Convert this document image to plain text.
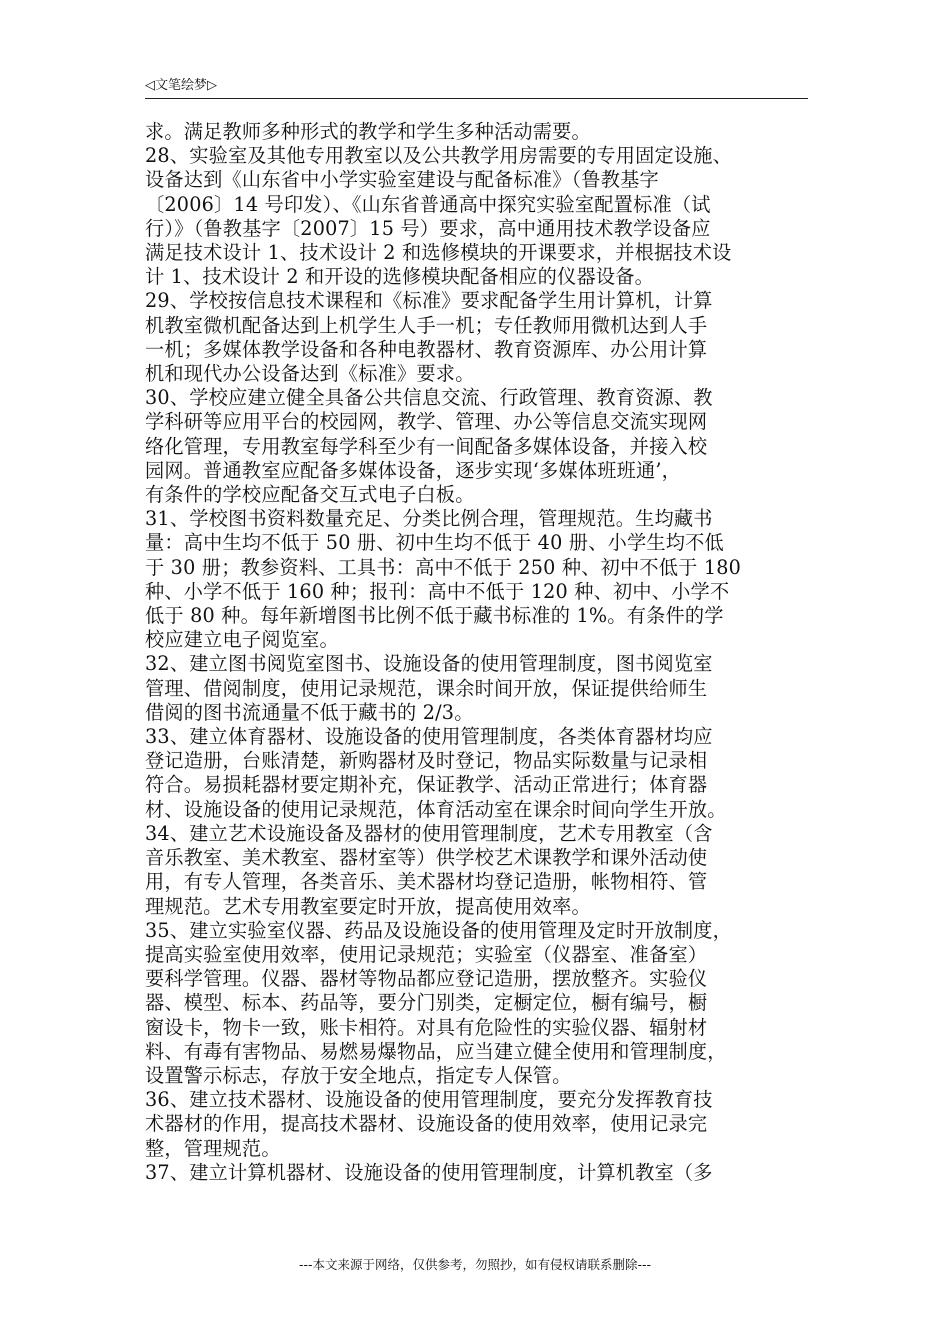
◁文笔绘梦▷

求。满足教师多种形式的教学和学生多种活动需要。

28、实验室及其他专用教室以及公共教学用房需要的专用固定设施、
设备达到《山东省中小学实验室建设与配备标准》（鲁教基字
〔2006〕14 号印发）、《山东省普通高中探究实验室配置标准（试
行）》（鲁教基字〔2007〕15 号）要求，高中通用技术教学设备应
满足技术设计 1、技术设计 2 和选修模块的开课要求，并根据技术设
计 1、技术设计 2 和开设的选修模块配备相应的仪器设备。

29、学校按信息技术课程和《标准》要求配备学生用计算机，计算
机教室微机配备达到上机学生人手一机；专任教师用微机达到人手
一机；多媒体教学设备和各种电教器材、教育资源库、办公用计算
机和现代办公设备达到《标准》要求。

30、学校应建立健全具备公共信息交流、行政管理、教育资源、教
学科研等应用平台的校园网，教学、管理、办公等信息交流实现网
络化管理，专用教室每学科至少有一间配备多媒体设备，并接入校
园网。普通教室应配备多媒体设备，逐步实现‘多媒体班班通’，
有条件的学校应配备交互式电子白板。

31、学校图书资料数量充足、分类比例合理，管理规范。生均藏书
量：高中生均不低于 50 册、初中生均不低于 40 册、小学生均不低
于 30 册；教参资料、工具书：高中不低于 250 种、初中不低于 180
种、小学不低于 160 种；报刊：高中不低于 120 种、初中、小学不
低于 80 种。每年新增图书比例不低于藏书标准的 1%。有条件的学
校应建立电子阅览室。

32、建立图书阅览室图书、设施设备的使用管理制度，图书阅览室
管理、借阅制度，使用记录规范，课余时间开放，保证提供给师生
借阅的图书流通量不低于藏书的 2/3。

33、建立体育器材、设施设备的使用管理制度，各类体育器材均应
登记造册，台账清楚，新购器材及时登记，物品实际数量与记录相
符合。易损耗器材要定期补充，保证教学、活动正常进行；体育器
材、设施设备的使用记录规范，体育活动室在课余时间向学生开放。

34、建立艺术设施设备及器材的使用管理制度，艺术专用教室（含
音乐教室、美术教室、器材室等）供学校艺术课教学和课外活动使
用，有专人管理，各类音乐、美术器材均登记造册，帐物相符、管
理规范。艺术专用教室要定时开放，提高使用效率。

35、建立实验室仪器、药品及设施设备的使用管理及定时开放制度，
提高实验室使用效率，使用记录规范；实验室（仪器室、准备室）
要科学管理。仪器、器材等物品都应登记造册，摆放整齐。实验仪
器、模型、标本、药品等，要分门别类，定橱定位，橱有编号，橱
窗设卡，物卡一致，账卡相符。对具有危险性的实验仪器、辐射材
料、有毒有害物品、易燃易爆物品，应当建立健全使用和管理制度，
设置警示标志，存放于安全地点，指定专人保管。

36、建立技术器材、设施设备的使用管理制度，要充分发挥教育技
术器材的作用，提高技术器材、设施设备的使用效率，使用记录完
整，管理规范。

37、建立计算机器材、设施设备的使用管理制度，计算机教室（多

---本文来源于网络，仅供参考，勿照抄，如有侵权请联系删除---
